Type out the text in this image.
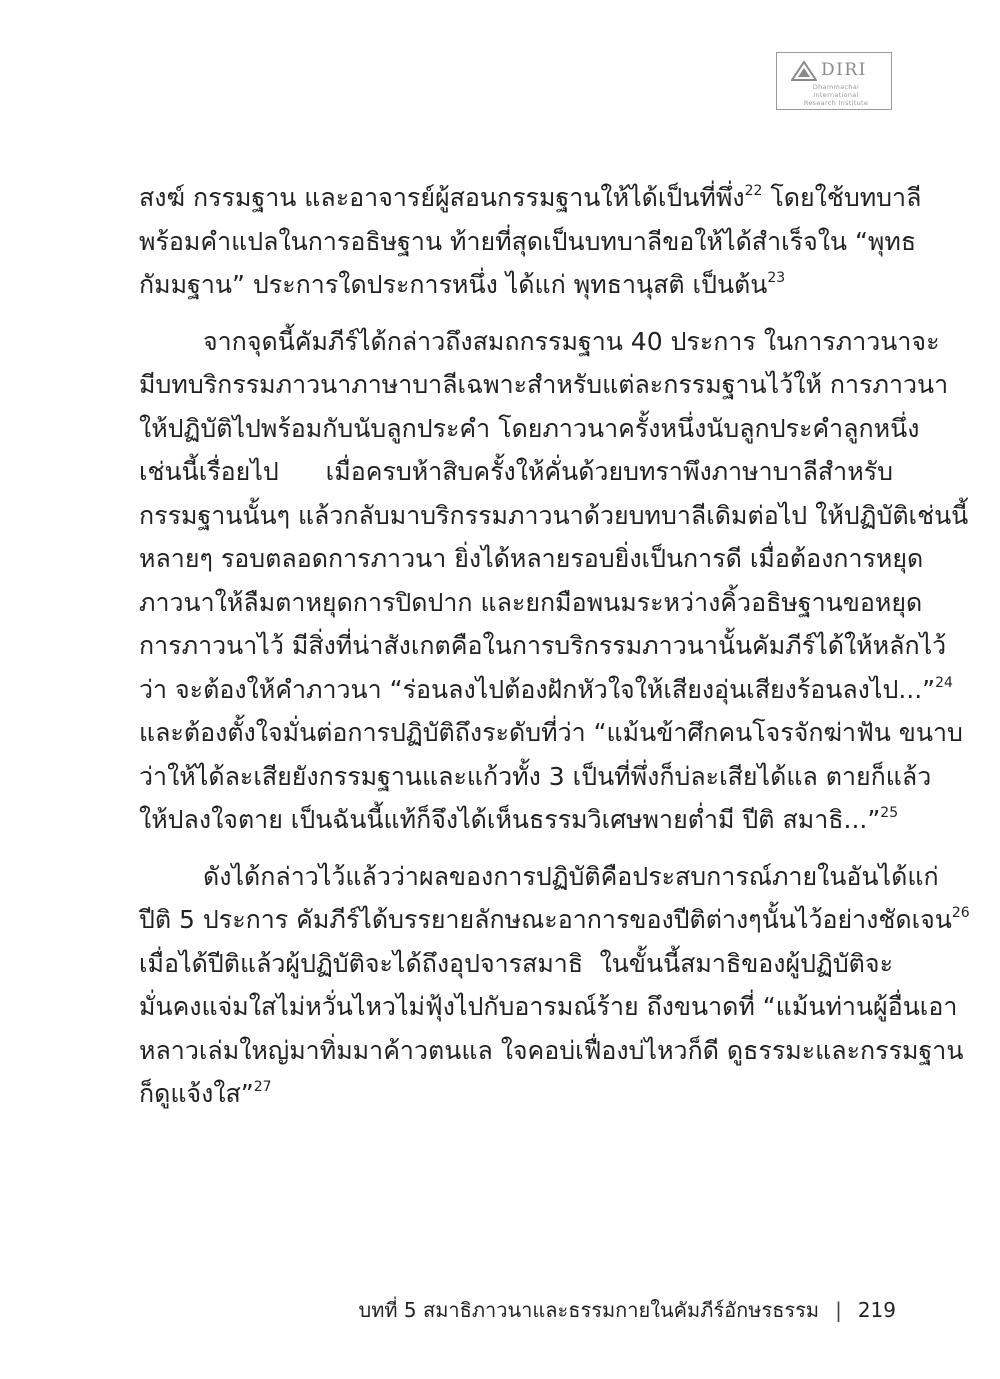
DIRI
Dhammachai International
Research Institute
สงฆ์ กรรมฐาน และอาจารย์ผู้สอนกรรมฐานให้ได้เป็นที่พึ่ง$^{22}$ โดยใช้บทบาลี
พร้อมคำแปลในการอธิษฐาน ท้ายที่สุดเป็นบทบาลีขอให้ได้สำเร็จใน “พุทธ
กัมมฐาน” ประการใดประการหนึ่ง ได้แก่ พุทธานุสติ เป็นต้น$^{23}$
จากจุดนี้คัมภีร์ได้กล่าวถึงสมถกรรมฐาน 40 ประการ ในการภาวนาจะ
มีบทบริกรรมภาวนาภาษาบาลีเฉพาะสำหรับแต่ละกรรมฐานไว้ให้ การภาวนา
ให้ปฏิบัติไปพร้อมกับนับลูกประคำ โดยภาวนาครั้งหนึ่งนับลูกประคำลูกหนึ่ง
เช่นนี้เรื่อยไป เมื่อครบห้าสิบครั้งให้คั่นด้วยบทราพึงภาษาบาลีสำหรับ
กรรมฐานนั้นๆ แล้วกลับมาบริกรรมภาวนาด้วยบทบาลีเดิมต่อไป ให้ปฏิบัติเช่นนี้
หลายๆ รอบตลอดการภาวนา ยิ่งได้หลายรอบยิ่งเป็นการดี เมื่อต้องการหยุด
ภาวนาให้ลืมตาหยุดการปิดปาก และยกมือพนมระหว่างคิ้วอธิษฐานขอหยุด
การภาวนาไว้ มีสิ่งที่น่าสังเกตคือในการบริกรรมภาวนานั้นคัมภีร์ได้ให้หลักไว้
ว่า จะต้องให้คำภาวนา “ร่อนลงไปต้องฝักหัวใจให้เสียงอุ่นเสียงร้อนลงไป...”$^{24}$
และต้องตั้งใจมั่นต่อการปฏิบัติถึงระดับที่ว่า “แม้นข้าศึกคนโจรจักฆ่าฟัน ขนาบ
ว่าให้ได้ละเสียยังกรรมฐานและแก้วทั้ง 3 เป็นที่พึ่งก็บ่ละเสียได้แล ตายก็แล้ว
ให้ปลงใจตาย เป็นฉันนี้แท้ก็จึงได้เห็นธรรมวิเศษพายต่ำมี ปีติ สมาธิ...”$^{25}$
ดังได้กล่าวไว้แล้วว่าผลของการปฏิบัติคือประสบการณ์ภายในอันได้แก่
ปีติ 5 ประการ คัมภีร์ได้บรรยายลักษณะอาการของปีติต่างๆนั้นไว้อย่างชัดเจน$^{26}$
เมื่อได้ปีติแล้วผู้ปฏิบัติจะได้ถึงอุปจารสมาธิ ในขั้นนี้สมาธิของผู้ปฏิบัติจะ
มั่นคงแจ่มใสไม่หวั่นไหวไม่ฟุ้งไปกับอารมณ์ร้าย ถึงขนาดที่ “แม้นท่านผู้อื่นเอา
หลาวเล่มใหญ่มาทิ่มมาค้าวตนแล ใจคอบ่เฟื่องบ่ไหวก็ดี ดูธรรมะและกรรมฐาน
ก็ดูแจ้งใส”$^{27}$
บทที่ 5 สมาธิภาวนาและธรรมกายในคัมภีร์อักษรธรรม | 219
